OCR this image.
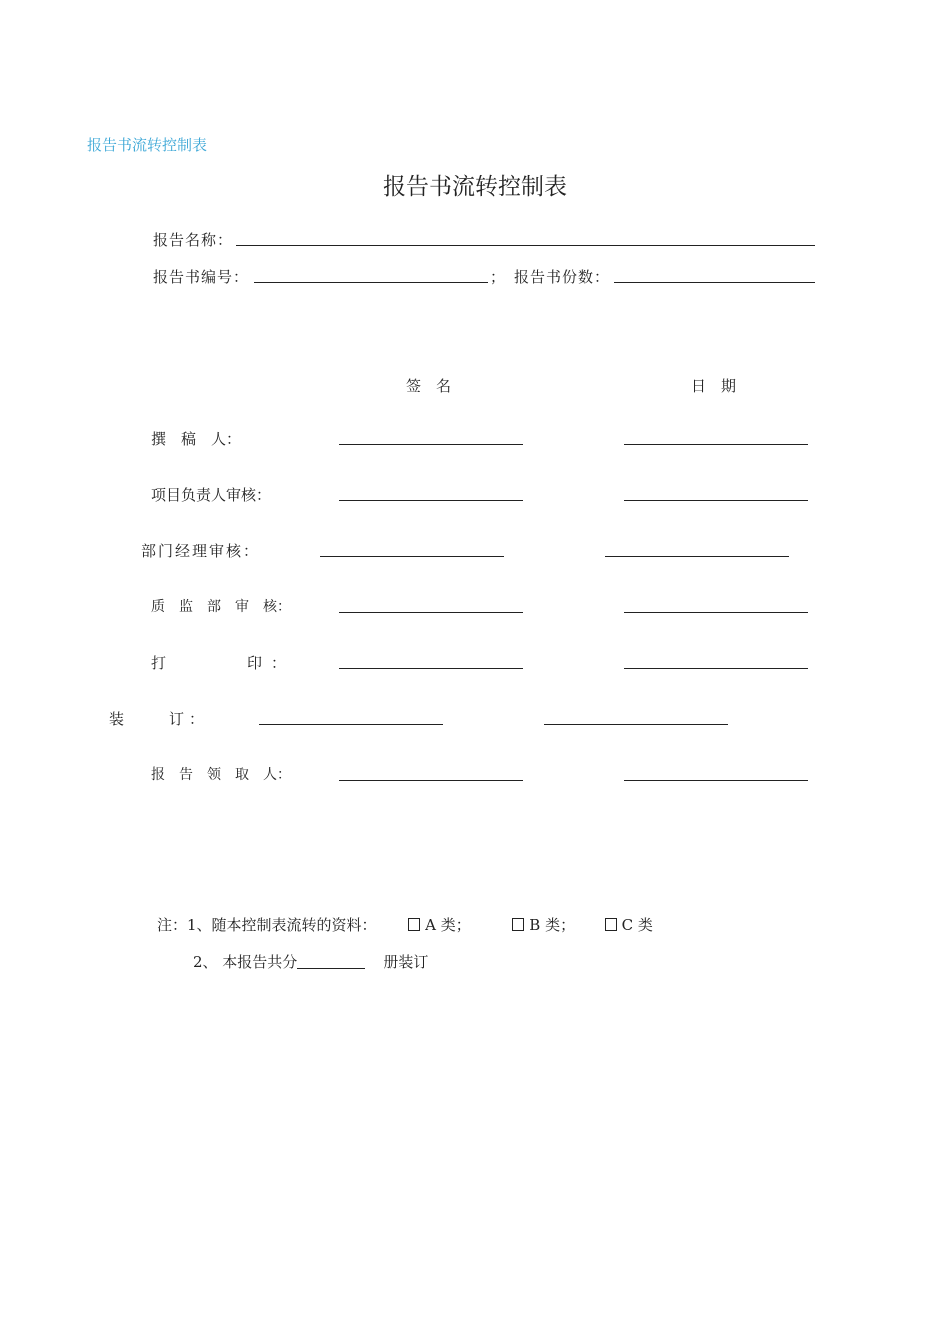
报告书流转控制表
报告书流转控制表
报告名称：
报告书编号：	； 报告书份数：
签　名	日　期
撰　稿　人：
项目负责人审核：
部门经理审核：
质　监　部　审　核：
打　　　印：
装　　订：
报　告　领　取　人：
注：1、随本控制表流转的资料：	A 类；	B 类；	C 类
2、 本报告共分	册装订
